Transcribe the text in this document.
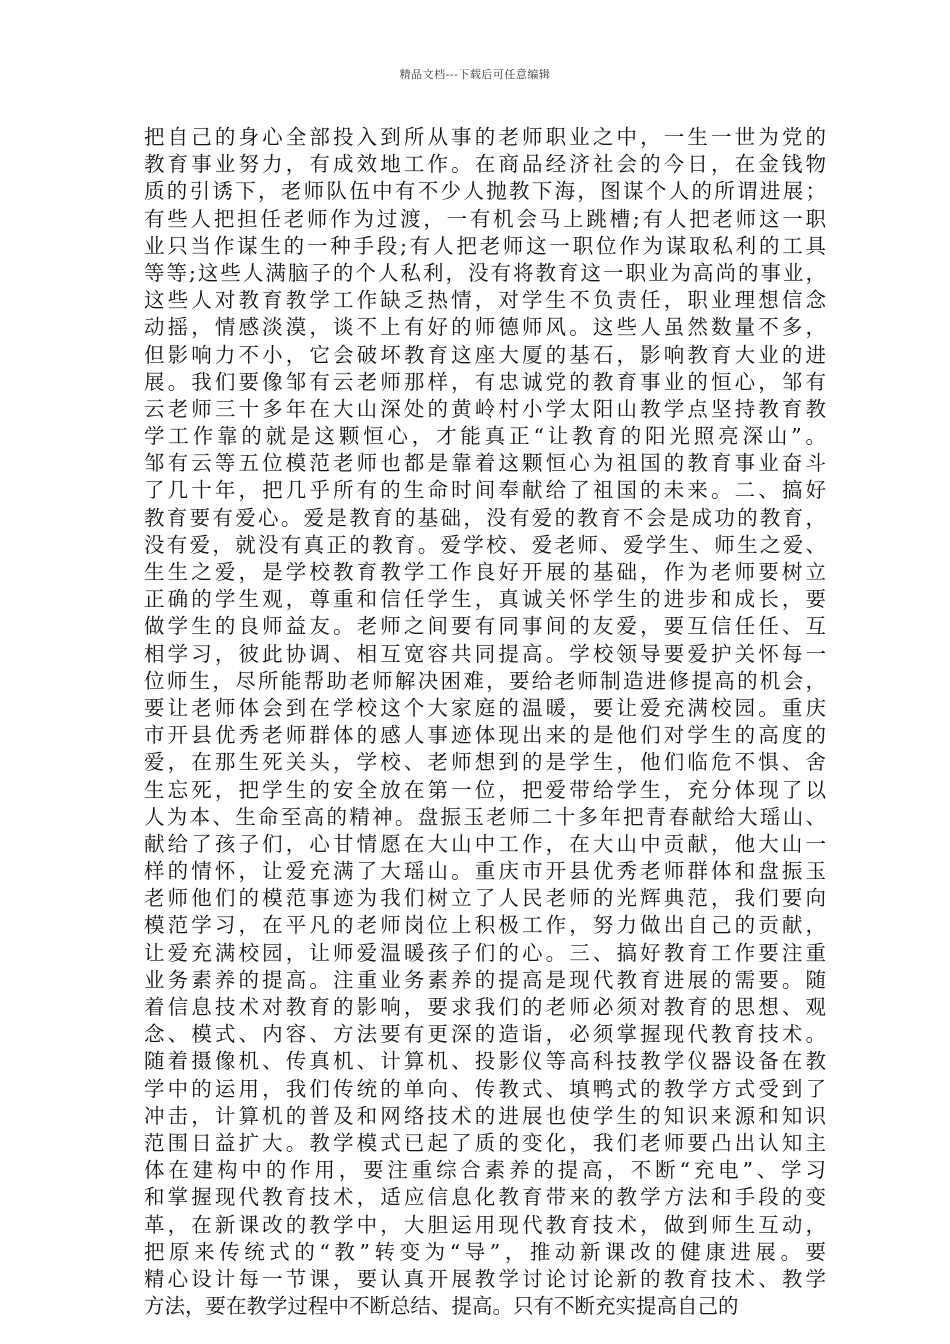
精品文档---下载后可任意编辑
把自己的身心全部投入到所从事的老师职业之中，一生一世为党的
教育事业努力，有成效地工作。在商品经济社会的今日，在金钱物
质的引诱下，老师队伍中有不少人抛教下海，图谋个人的所谓进展；
有些人把担任老师作为过渡，一有机会马上跳槽;有人把老师这一职
业只当作谋生的一种手段;有人把老师这一职位作为谋取私利的工具
等等;这些人满脑子的个人私利，没有将教育这一职业为高尚的事业，
这些人对教育教学工作缺乏热情，对学生不负责任，职业理想信念
动摇，情感淡漠，谈不上有好的师德师风。这些人虽然数量不多，
但影响力不小，它会破坏教育这座大厦的基石，影响教育大业的进
展。我们要像邹有云老师那样，有忠诚党的教育事业的恒心，邹有
云老师三十多年在大山深处的黄岭村小学太阳山教学点坚持教育教
学工作靠的就是这颗恒心，才能真正“让教育的阳光照亮深山”。
邹有云等五位模范老师也都是靠着这颗恒心为祖国的教育事业奋斗
了几十年，把几乎所有的生命时间奉献给了祖国的未来。二、搞好
教育要有爱心。爱是教育的基础，没有爱的教育不会是成功的教育，
没有爱，就没有真正的教育。爱学校、爱老师、爱学生、师生之爱、
生生之爱，是学校教育教学工作良好开展的基础，作为老师要树立
正确的学生观，尊重和信任学生，真诚关怀学生的进步和成长，要
做学生的良师益友。老师之间要有同事间的友爱，要互信任任、互
相学习，彼此协调、相互宽容共同提高。学校领导要爱护关怀每一
位师生，尽所能帮助老师解决困难，要给老师制造进修提高的机会，
要让老师体会到在学校这个大家庭的温暖，要让爱充满校园。重庆
市开县优秀老师群体的感人事迹体现出来的是他们对学生的高度的
爱，在那生死关头，学校、老师想到的是学生，他们临危不惧、舍
生忘死，把学生的安全放在第一位，把爱带给学生，充分体现了以
人为本、生命至高的精神。盘振玉老师二十多年把青春献给大瑶山、
献给了孩子们，心甘情愿在大山中工作，在大山中贡献，他大山一
样的情怀，让爱充满了大瑶山。重庆市开县优秀老师群体和盘振玉
老师他们的模范事迹为我们树立了人民老师的光辉典范，我们要向
模范学习，在平凡的老师岗位上积极工作，努力做出自己的贡献，
让爱充满校园，让师爱温暖孩子们的心。三、搞好教育工作要注重
业务素养的提高。注重业务素养的提高是现代教育进展的需要。随
着信息技术对教育的影响，要求我们的老师必须对教育的思想、观
念、模式、内容、方法要有更深的造诣，必须掌握现代教育技术。
随着摄像机、传真机、计算机、投影仪等高科技教学仪器设备在教
学中的运用，我们传统的单向、传教式、填鸭式的教学方式受到了
冲击，计算机的普及和网络技术的进展也使学生的知识来源和知识
范围日益扩大。教学模式已起了质的变化，我们老师要凸出认知主
体在建构中的作用，要注重综合素养的提高，不断“充电”、学习
和掌握现代教育技术，适应信息化教育带来的教学方法和手段的变
革，在新课改的教学中，大胆运用现代教育技术，做到师生互动，
把原来传统式的“教”转变为“导”，推动新课改的健康进展。要
精心设计每一节课，要认真开展教学讨论讨论新的教育技术、教学
方法，要在教学过程中不断总结、提高。只有不断充实提高自己的
